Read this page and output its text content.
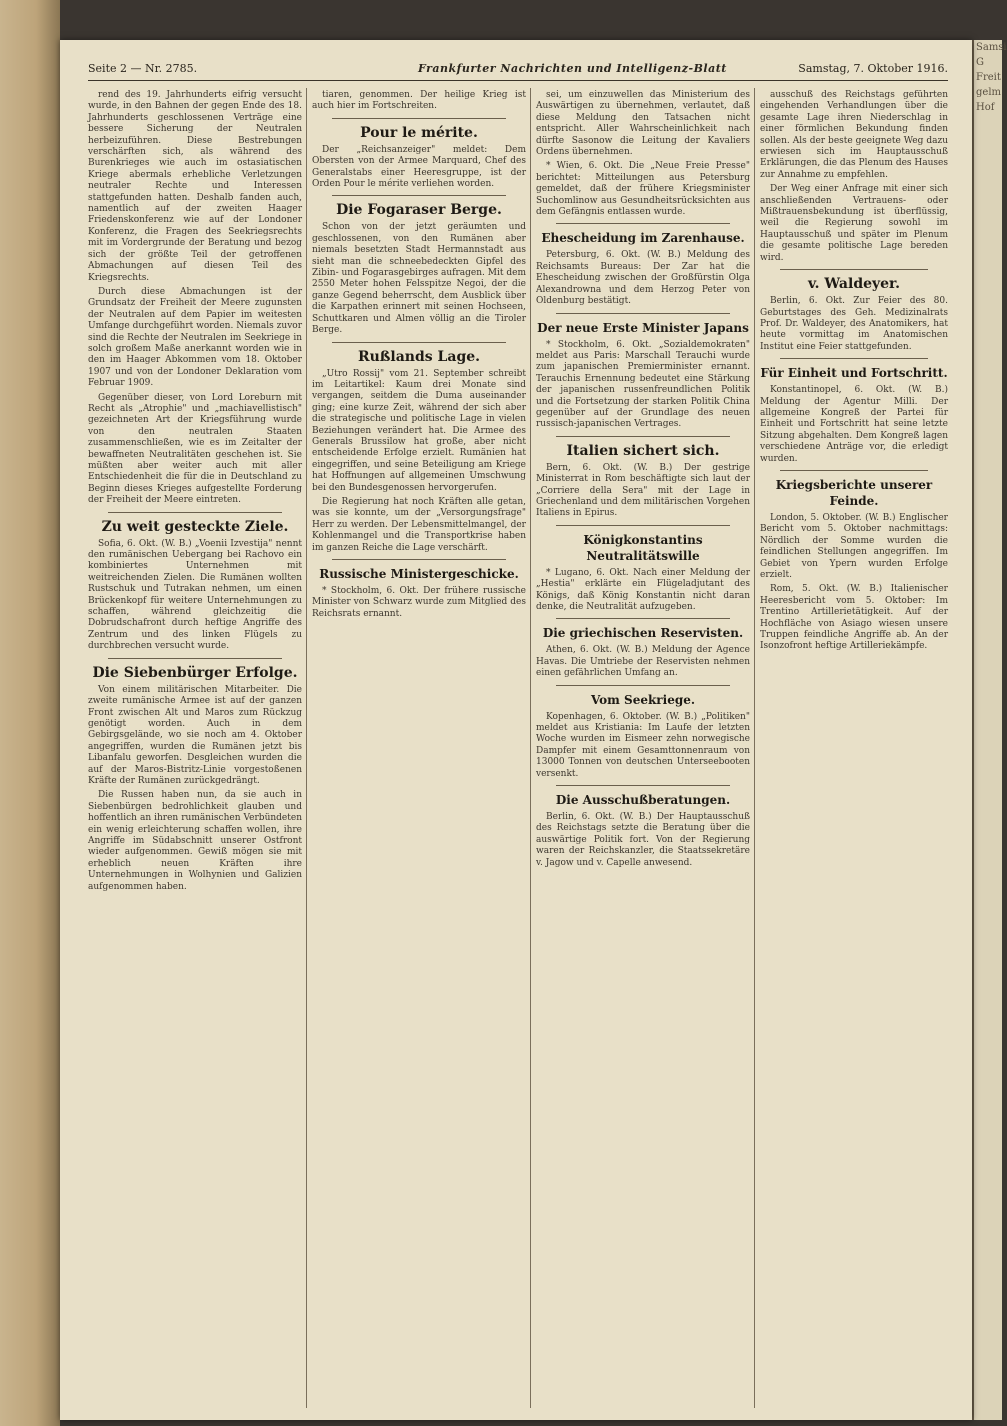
Samsi
G
Freit
gelm
Hof
Seite 2 — Nr. 2785.	Frankfurter Nachrichten und Intelligenz-Blatt	Samstag, 7. Oktober 1916.

rend des 19. Jahrhunderts eifrig versucht wurde, in den Bahnen der gegen Ende des 18. Jahrhunderts geschlossenen Verträge eine bessere Sicherung der Neutralen herbeizuführen. Diese Bestrebungen verschärften sich, als während des Burenkrieges wie auch im ostasiatischen Kriege abermals erhebliche Verletzungen neutraler Rechte und Interessen stattgefunden hatten. Deshalb fanden auch, namentlich auf der zweiten Haager Friedenskonferenz wie auf der Londoner Konferenz, die Fragen des Seekriegsrechts mit im Vordergrunde der Beratung und bezog sich der größte Teil der getroffenen Abmachungen auf diesen Teil des Kriegsrechts.

Durch diese Abmachungen ist der Grundsatz der Freiheit der Meere zugunsten der Neutralen auf dem Papier im weitesten Umfange durchgeführt worden. Niemals zuvor sind die Rechte der Neutralen im Seekriege in solch großem Maße anerkannt worden wie in den im Haager Abkommen vom 18. Oktober 1907 und von der Londoner Deklaration vom Februar 1909.

Gegenüber dieser, von Lord Loreburn mit Recht als „Atrophie" und „machiavellistisch" gezeichneten Art der Kriegsführung wurde von den neutralen Staaten zusammenschließen, wie es im Zeitalter der bewaffneten Neutralitäten geschehen ist. Sie müßten aber weiter auch mit aller Entschiedenheit die für die in Deutschland zu Beginn dieses Krieges aufgestellte Forderung der Freiheit der Meere eintreten.

Zu weit gesteckte Ziele.

Sofia, 6. Okt. (W. B.) „Voenii Izvestija" nennt den rumänischen Uebergang bei Rachovo ein kombiniertes Unternehmen mit weitreichenden Zielen. Die Rumänen wollten Rustschuk und Tutrakan nehmen, um einen Brückenkopf für weitere Unternehmungen zu schaffen, während gleichzeitig die Dobrudschafront durch heftige Angriffe des Zentrum und des linken Flügels zu durchbrechen versucht wurde.

Die Siebenbürger Erfolge.

Von einem militärischen Mitarbeiter. Die zweite rumänische Armee ist auf der ganzen Front zwischen Alt und Maros zum Rückzug genötigt worden. Auch in dem Gebirgsgelände, wo sie noch am 4. Oktober angegriffen, wurden die Rumänen jetzt bis Libanfalu geworfen. Desgleichen wurden die auf der Maros-Bistritz-Linie vorgestoßenen Kräfte der Rumänen zurückgedrängt.

Die Russen haben nun, da sie auch in Siebenbürgen bedrohlichkeit glauben und hoffentlich an ihren rumänischen Verbündeten ein wenig erleichterung schaffen wollen, ihre Angriffe im Südabschnitt unserer Ostfront wieder aufgenommen. Gewiß mögen sie mit erheblich neuen Kräften ihre Unternehmungen in Wolhynien und Galizien aufgenommen haben.

tiaren, genommen. Der heilige Krieg ist auch hier im Fortschreiten.

Pour le mérite.

Der „Reichsanzeiger" meldet: Dem Obersten von der Armee Marquard, Chef des Generalstabs einer Heeresgruppe, ist der Orden Pour le mérite verliehen worden.

Die Fogaraser Berge.

Schon von der jetzt geräumten und geschlossenen, von den Rumänen aber niemals besetzten Stadt Hermannstadt aus sieht man die schneebedeckten Gipfel des Zibin- und Fogarasgebirges aufragen. Mit dem 2550 Meter hohen Felsspitze Negoi, der die ganze Gegend beherrscht, dem Ausblick über die Karpathen erinnert mit seinen Hochseen, Schuttkaren und Almen völlig an die Tiroler Berge.

Rußlands Lage.

„Utro Rossij" vom 21. September schreibt im Leitartikel: Kaum drei Monate sind vergangen, seitdem die Duma auseinander ging; eine kurze Zeit, während der sich aber die strategische und politische Lage in vielen Beziehungen verändert hat. Die Armee des Generals Brussilow hat große, aber nicht entscheidende Erfolge erzielt. Rumänien hat eingegriffen, und seine Beteiligung am Kriege hat Hoffnungen auf allgemeinen Umschwung bei den Bundesgenossen hervorgerufen.

Die Regierung hat noch Kräften alle getan, was sie konnte, um der „Versorgungsfrage" Herr zu werden. Der Lebensmittelmangel, der Kohlenmangel und die Transportkrise haben im ganzen Reiche die Lage verschärft.

Russische Ministergeschicke.

* Stockholm, 6. Okt. Der frühere russische Minister von Schwarz wurde zum Mitglied des Reichsrats ernannt.

sei, um einzuwellen das Ministerium des Auswärtigen zu übernehmen, verlautet, daß diese Meldung den Tatsachen nicht entspricht. Aller Wahrscheinlichkeit nach dürfte Sasonow die Leitung der Kavaliers Ordens übernehmen.

* Wien, 6. Okt. Die „Neue Freie Presse" berichtet: Mitteilungen aus Petersburg gemeldet, daß der frühere Kriegsminister Suchomlinow aus Gesundheitsrücksichten aus dem Gefängnis entlassen wurde.

Ehescheidung im Zarenhause.

Petersburg, 6. Okt. (W. B.) Meldung des Reichsamts Bureaus: Der Zar hat die Ehescheidung zwischen der Großfürstin Olga Alexandrowna und dem Herzog Peter von Oldenburg bestätigt.

Der neue Erste Minister Japans

* Stockholm, 6. Okt. „Sozialdemokraten" meldet aus Paris: Marschall Terauchi wurde zum japanischen Premierminister ernannt. Terauchis Ernennung bedeutet eine Stärkung der japanischen russenfreundlichen Politik und die Fortsetzung der starken Politik China gegenüber auf der Grundlage des neuen russisch-japanischen Vertrages.

Italien sichert sich.

Bern, 6. Okt. (W. B.) Der gestrige Ministerrat in Rom beschäftigte sich laut der „Corriere della Sera" mit der Lage in Griechenland und dem militärischen Vorgehen Italiens in Epirus.

Königkonstantins Neutralitätswille

* Lugano, 6. Okt. Nach einer Meldung der „Hestia" erklärte ein Flügeladjutant des Königs, daß König Konstantin nicht daran denke, die Neutralität aufzugeben.

Die griechischen Reservisten.

Athen, 6. Okt. (W. B.) Meldung der Agence Havas. Die Umtriebe der Reservisten nehmen einen gefährlichen Umfang an.

Vom Seekriege.

Kopenhagen, 6. Oktober. (W. B.) „Politiken" meldet aus Kristiania: Im Laufe der letzten Woche wurden im Eismeer zehn norwegische Dampfer mit einem Gesamttonnenraum von 13000 Tonnen von deutschen Unterseebooten versenkt.

Die Ausschußberatungen.

Berlin, 6. Okt. (W. B.) Der Hauptausschuß des Reichstags setzte die Beratung über die auswärtige Politik fort. Von der Regierung waren der Reichskanzler, die Staatssekretäre v. Jagow und v. Capelle anwesend.

ausschuß des Reichstags geführten eingehenden Verhandlungen über die gesamte Lage ihren Niederschlag in einer förmlichen Bekundung finden sollen. Als der beste geeignete Weg dazu erwiesen sich im Hauptausschuß Erklärungen, die das Plenum des Hauses zur Annahme zu empfehlen.

Der Weg einer Anfrage mit einer sich anschließenden Vertrauens- oder Mißtrauensbekundung ist überflüssig, weil die Regierung sowohl im Hauptausschuß und später im Plenum die gesamte politische Lage bereden wird.

v. Waldeyer.

Berlin, 6. Okt. Zur Feier des 80. Geburtstages des Geh. Medizinalrats Prof. Dr. Waldeyer, des Anatomikers, hat heute vormittag im Anatomischen Institut eine Feier stattgefunden.

Für Einheit und Fortschritt.

Konstantinopel, 6. Okt. (W. B.) Meldung der Agentur Milli. Der allgemeine Kongreß der Partei für Einheit und Fortschritt hat seine letzte Sitzung abgehalten. Dem Kongreß lagen verschiedene Anträge vor, die erledigt wurden.

Kriegsberichte unserer Feinde.

London, 5. Oktober. (W. B.) Englischer Bericht vom 5. Oktober nachmittags: Nördlich der Somme wurden die feindlichen Stellungen angegriffen. Im Gebiet von Ypern wurden Erfolge erzielt.

Rom, 5. Okt. (W. B.) Italienischer Heeresbericht vom 5. Oktober: Im Trentino Artillerietätigkeit. Auf der Hochfläche von Asiago wiesen unsere Truppen feindliche Angriffe ab. An der Isonzofront heftige Artilleriekämpfe.
